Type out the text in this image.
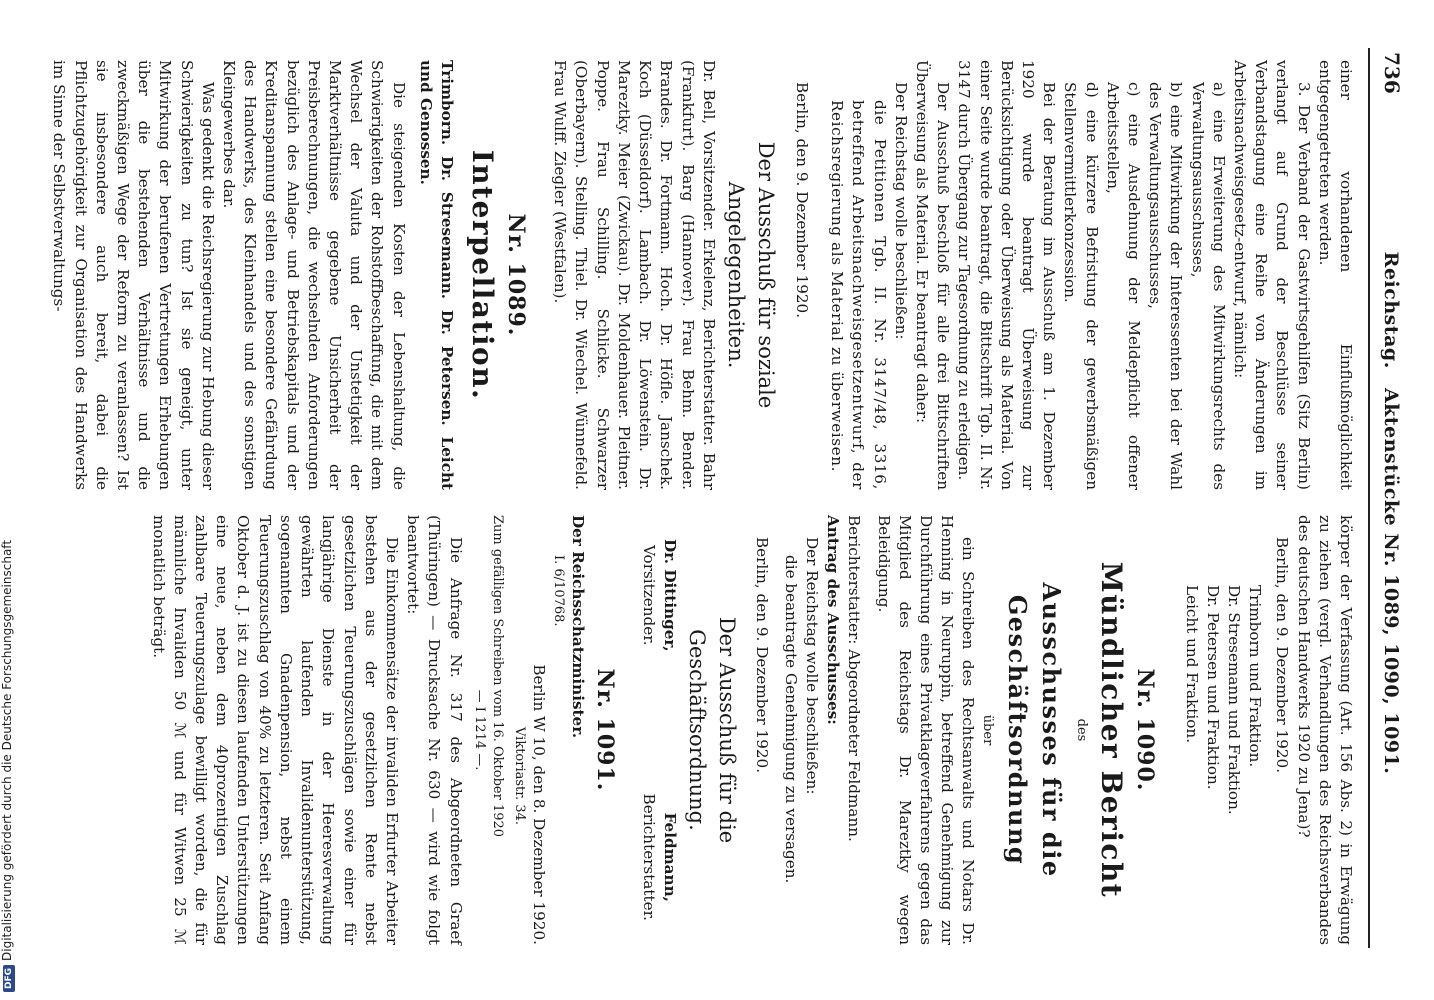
736
Reichstag. Aktenstücke Nr. 1089, 1090, 1091.

einer vorhandenen Einflußmöglichkeit entgegengetreten werden.

3. Der Verband der Gastwirtsgehilfen (Sitz Berlin) verlangt auf Grund der Beschlüsse seiner Verbandstagung eine Reihe von Änderungen im Arbeitsnachweisgesetz-entwurf, nämlich:

a) eine Erweiterung des Mitwirkungsrechts des Verwaltungsausschusses,

b) eine Mitwirkung der Interessenten bei der Wahl des Verwaltungsausschusses,

c) eine Ausdehnung der Meldepflicht offener Arbeitsstellen,

d) eine kürzere Befristung der gewerbsmäßigen Stellenvermittlerkonzession.

Bei der Beratung im Ausschuß am 1. Dezember 1920 wurde beantragt Überweisung zur Berücksichtigung oder Überweisung als Material. Von einer Seite wurde beantragt, die Bittschrift Tgb. II. Nr. 3147 durch Übergang zur Tagesordnung zu erledigen.

Der Ausschuß beschloß für alle drei Bittschriften Überweisung als Material. Er beantragt daher:

Der Reichstag wolle beschließen:

die Petitionen Tgb. II. Nr. 3147/48, 3316, betreffend Arbeitsnachweisgesetzentwurf, der Reichsregierung als Material zu überweisen.

Berlin, den 9. Dezember 1920.

Der Ausschuß für soziale Angelegenheiten.

Dr. Bell, Vorsitzender. Erkelenz, Berichterstatter. Bahr (Frankfurt). Barg (Hannover). Frau Behm. Bender. Brandes. Dr. Fortmann. Hoch. Dr. Höfle. Janschek. Koch (Düsseldorf). Lambach. Dr. Löwenstein. Dr. Mareztky. Meier (Zwickau). Dr. Moldenhauer. Pleitner. Poppe. Frau Schilling. Schlicke. Schwarzer (Oberbayern). Stelling. Thiel. Dr. Wiechel. Wünnefeld. Frau Wulff. Ziegler (Westfalen).

Nr. 1089.

Interpellation.

Trimborn. Dr. Stresemann. Dr. Petersen. Leicht und Genossen.

Die steigenden Kosten der Lebenshaltung, die Schwierigkeiten der Rohstoffbeschaffung, die mit dem Wechsel der Valuta und der Unstetigkeit der Marktverhältnisse gegebene Unsicherheit der Preisberechnungen, die wechselnden Anforderungen bezüglich des Anlage- und Betriebskapitals und der Kreditanspannung stellen eine besondere Gefährdung des Handwerks, des Kleinhandels und des sonstigen Kleingewerbes dar.

Was gedenkt die Reichsregierung zur Hebung dieser Schwierigkeiten zu tun? Ist sie geneigt, unter Mitwirkung der berufenen Vertretungen Erhebungen über die bestehenden Verhältnisse und die zweckmäßigen Wege der Reform zu veranlassen? Ist sie insbesondere auch bereit, dabei die Pflichtzugehörigkeit zur Organisation des Handwerks im Sinne der Selbstverwaltungs-

körper der Verfassung (Art. 156 Abs. 2) in Erwägung zu ziehen (vergl. Verhandlungen des Reichsverbandes des deutschen Handwerks 1920 zu Jena)?

Berlin, den 9. Dezember 1920.

Trimborn und Fraktion.

Dr. Stresemann und Fraktion.

Dr. Petersen und Fraktion.

Leicht und Fraktion.

Nr. 1090.

Mündlicher Bericht

des

Ausschusses für die Geschäftsordnung

über

ein Schreiben des Rechtsanwalts und Notars Dr. Henning in Neuruppin, betreffend Genehmigung zur Durchführung eines Privatklageverfahrens gegen das Mitglied des Reichstags Dr. Mareztky wegen Beleidigung.

Berichterstatter: Abgeordneter Feldmann.

Antrag des Ausschusses:

Der Reichstag wolle beschließen:

die beantragte Genehmigung zu versagen.

Berlin, den 9. Dezember 1920.

Der Ausschuß für die Geschäftsordnung.

Dr. Dittinger,

Vorsitzender.

Feldmann,

Berichterstatter.

Nr. 1091.

Der Reichsschatzminister.

I. 6/10768.

Berlin W 10, den 8. Dezember 1920.

Viktoriastr. 34.

Zum gefälligen Schreiben vom 16. Oktober 1920

— I 1214 —.

Die Anfrage Nr. 317 des Abgeordneten Graef (Thüringen) — Drucksache Nr. 630 — wird wie folgt beantwortet:

Die Einkommensätze der invaliden Erfurter Arbeiter bestehen aus der gesetzlichen Rente nebst gesetzlichen Teuerungszuschlägen sowie einer für langjährige Dienste in der Heeresverwaltung gewährten laufenden Invalidenunterstützung, sogenannten Gnadenpension, nebst einem Teuerungszuschlag von 40% zu letzteren. Seit Anfang Oktober d. J. ist zu diesen laufenden Unterstützungen eine neue, neben dem 40prozentigen Zuschlag zahlbare Teuerungszulage bewilligt worden, die für männliche Invaliden 50 ℳ und für Witwen 25 ℳ monatlich beträgt.

DFGDigitalisierung gefördert durch die Deutsche Forschungsgemeinschaft
